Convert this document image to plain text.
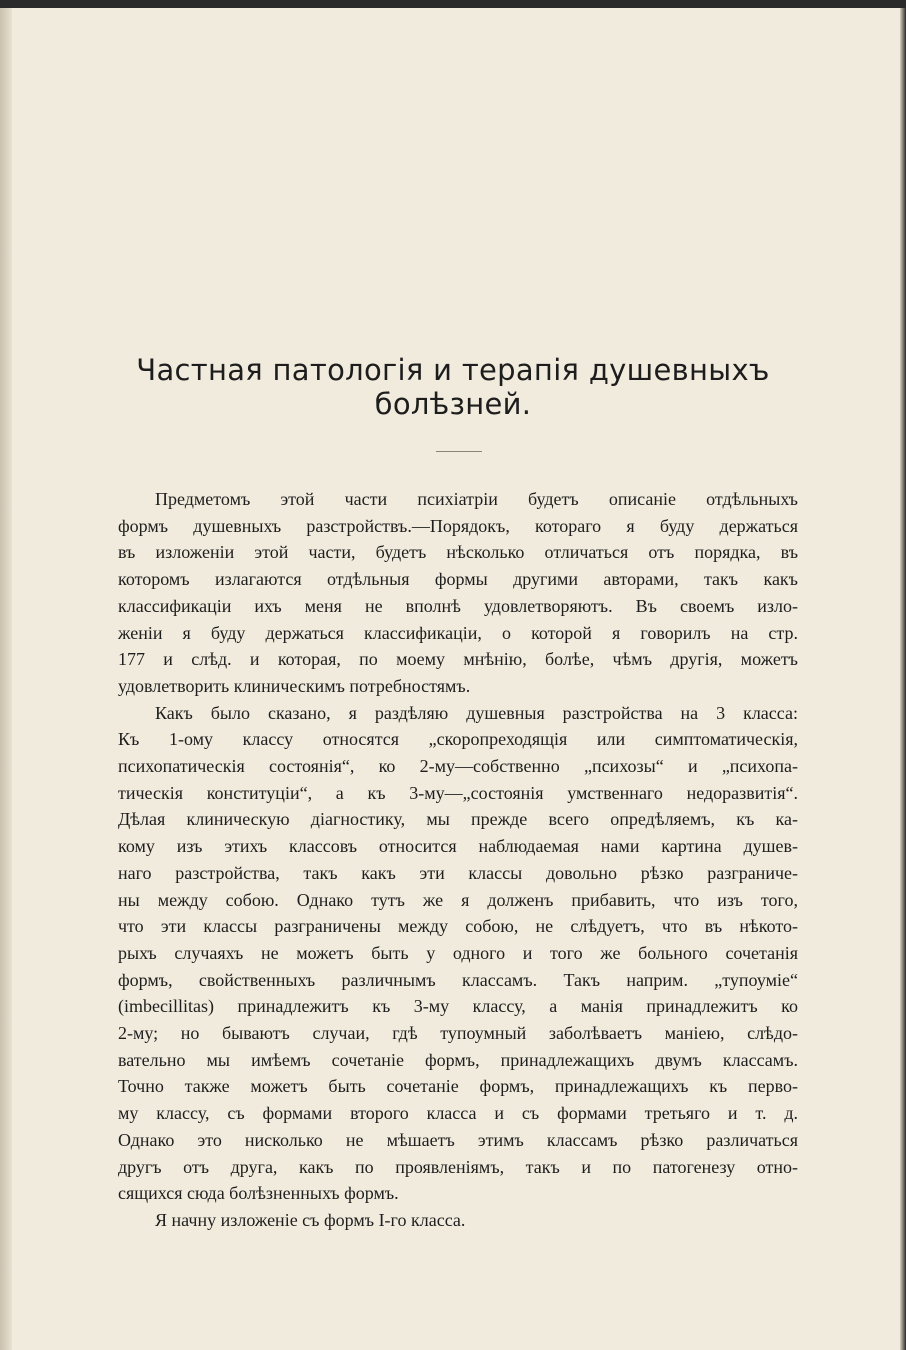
Частная патологія и терапія душевныхъ
болѣзней.
Предметомъ этой части психіатріи будетъ описаніе отдѣльныхъ
формъ душевныхъ разстройствъ.—Порядокъ, котораго я буду держаться
въ изложеніи этой части, будетъ нѣсколько отличаться отъ порядка, въ
которомъ излагаются отдѣльныя формы другими авторами, такъ какъ
классификаціи ихъ меня не вполнѣ удовлетворяютъ. Въ своемъ изло-
женіи я буду держаться классификаціи, о которой я говорилъ на стр.
177 и слѣд. и которая, по моему мнѣнію, болѣе, чѣмъ другія, можетъ
удовлетворить клиническимъ потребностямъ.
Какъ было сказано, я раздѣляю душевныя разстройства на 3 класса:
Къ 1-ому классу относятся „скоропреходящія или симптоматическія,
психопатическія состоянія“, ко 2-му—собственно „психозы“ и „психопа-
тическія конституціи“, а къ 3-му—„состоянія умственнаго недоразвитія“.
Дѣлая клиническую діагностику, мы прежде всего опредѣляемъ, къ ка-
кому изъ этихъ классовъ относится наблюдаемая нами картина душев-
наго разстройства, такъ какъ эти классы довольно рѣзко разграниче-
ны между собою. Однако тутъ же я долженъ прибавить, что изъ того,
что эти классы разграничены между собою, не слѣдуетъ, что въ нѣкото-
рыхъ случаяхъ не можетъ быть у одного и того же больного сочетанія
формъ, свойственныхъ различнымъ классамъ. Такъ наприм. „тупоуміе“
(imbecillitas) принадлежитъ къ 3-му классу, а манія принадлежитъ ко
2-му; но бываютъ случаи, гдѣ тупоумный заболѣваетъ маніею, слѣдо-
вательно мы имѣемъ сочетаніе формъ, принадлежащихъ двумъ классамъ.
Точно также можетъ быть сочетаніе формъ, принадлежащихъ къ перво-
му классу, съ формами второго класса и съ формами третьяго и т. д.
Однако это нисколько не мѣшаетъ этимъ классамъ рѣзко различаться
другъ отъ друга, какъ по проявленіямъ, такъ и по патогенезу отно-
сящихся сюда болѣзненныхъ формъ.
Я начну изложеніе съ формъ I-го класса.
